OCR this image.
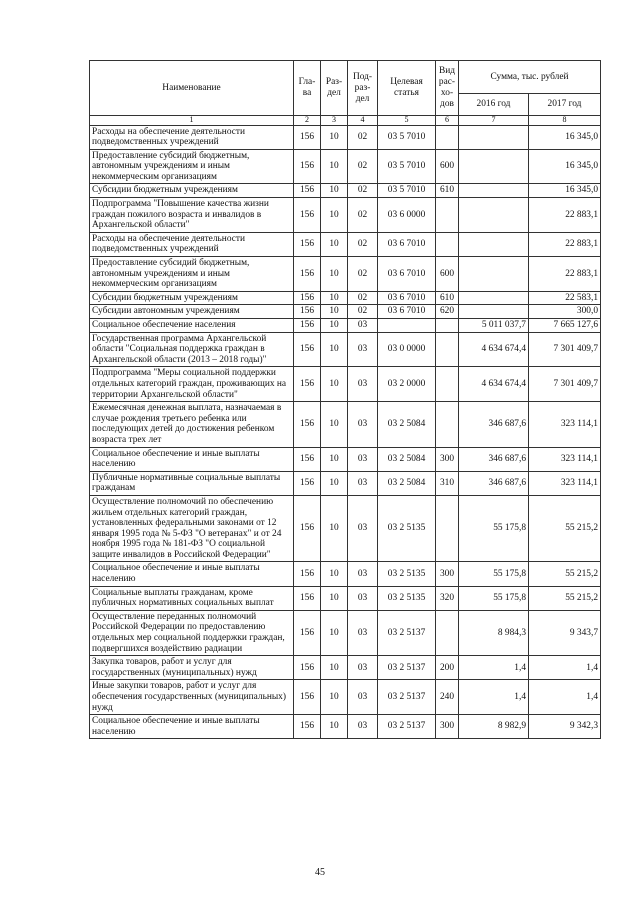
Наименование	Гла-ва	Раз-дел	Под-раз-дел	Целевая статья	Вид рас-хо-дов	Сумма, тыс. рублей	
						2016 год	2017 год
1	2	3	4	5	6	7	8
Расходы на обеспечение деятельности подведомственных учреждений	156	10	02	03 5 7010			16 345,0
Предоставление субсидий бюджетным, автономным учреждениям и иным некоммерческим организациям	156	10	02	03 5 7010	600		16 345,0
Субсидии бюджетным учреждениям	156	10	02	03 5 7010	610		16 345,0
Подпрограмма "Повышение качества жизни граждан пожилого возраста и инвалидов в Архангельской области"	156	10	02	03 6 0000			22 883,1
Расходы на обеспечение деятельности подведомственных учреждений	156	10	02	03 6 7010			22 883,1
Предоставление субсидий бюджетным, автономным учреждениям и иным некоммерческим организациям	156	10	02	03 6 7010	600		22 883,1
Субсидии бюджетным учреждениям	156	10	02	03 6 7010	610		22 583,1
Субсидии автономным учреждениям	156	10	02	03 6 7010	620		300,0
Социальное обеспечение населения	156	10	03			5 011 037,7	7 665 127,6
Государственная программа Архангельской области "Социальная поддержка граждан в Архангельской области (2013 – 2018 годы)"	156	10	03	03 0 0000		4 634 674,4	7 301 409,7
Подпрограмма "Меры социальной поддержки отдельных категорий граждан, проживающих на территории Архангельской области"	156	10	03	03 2 0000		4 634 674,4	7 301 409,7
Ежемесячная денежная выплата, назначаемая в случае рождения третьего ребенка или последующих детей до достижения ребенком возраста трех лет	156	10	03	03 2 5084		346 687,6	323 114,1
Социальное обеспечение и иные выплаты населению	156	10	03	03 2 5084	300	346 687,6	323 114,1
Публичные нормативные социальные выплаты гражданам	156	10	03	03 2 5084	310	346 687,6	323 114,1
Осуществление полномочий по обеспечению жильем отдельных категорий граждан, установленных федеральными законами от 12 января 1995 года № 5-ФЗ "О ветеранах" и от 24 ноября 1995 года № 181-ФЗ "О социальной защите инвалидов в Российской Федерации"	156	10	03	03 2 5135		55 175,8	55 215,2
Социальное обеспечение и иные выплаты населению	156	10	03	03 2 5135	300	55 175,8	55 215,2
Социальные выплаты гражданам, кроме публичных нормативных социальных выплат	156	10	03	03 2 5135	320	55 175,8	55 215,2
Осуществление переданных полномочий Российской Федерации по предоставлению отдельных мер социальной поддержки граждан, подвергшихся воздействию радиации	156	10	03	03 2 5137		8 984,3	9 343,7
Закупка товаров, работ и услуг для государственных (муниципальных) нужд	156	10	03	03 2 5137	200	1,4	1,4
Иные закупки товаров, работ и услуг для обеспечения государственных (муниципальных) нужд	156	10	03	03 2 5137	240	1,4	1,4
Социальное обеспечение и иные выплаты населению	156	10	03	03 2 5137	300	8 982,9	9 342,3
45
